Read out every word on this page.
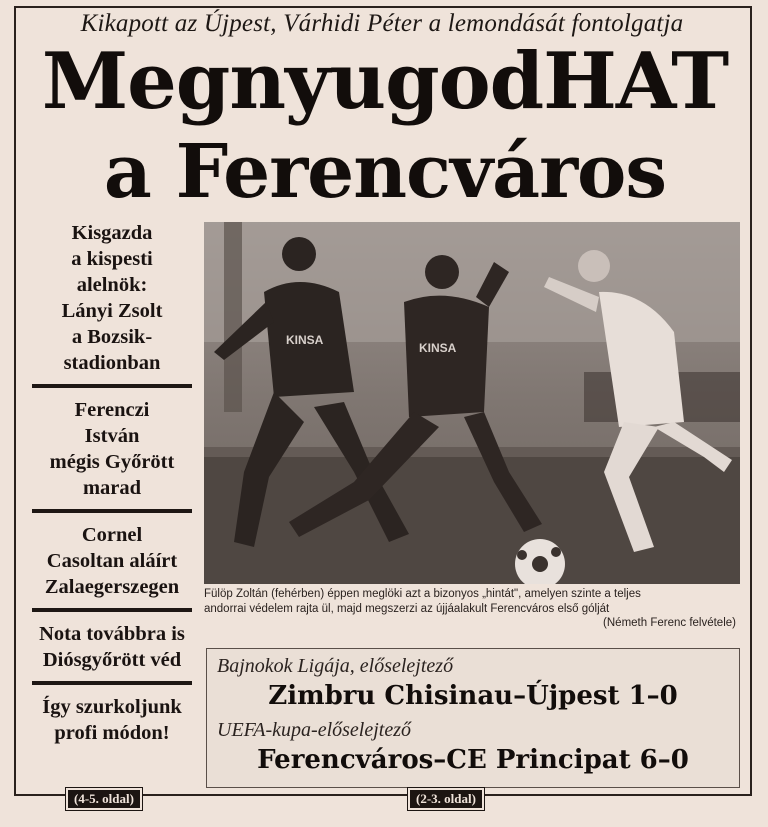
Kikapott az Újpest, Várhidi Péter a lemondását fontolgatja
MegnyugodHAT
a Ferencváros
Kisgazda
a kispesti
alelnök:
Lányi Zsolt
a Bozsik-
stadionban
Ferenczi
István
mégis Győrött
marad
Cornel
Casoltan aláírt
Zalaegerszegen
Nota továbbra is
Diósgyőrött véd
Így szurkoljunk
profi módon!
KINSA
KINSA
Fülöp Zoltán (fehérben) éppen meglöki azt a bizonyos „hintát", amelyen szinte a teljes
andorrai védelem rajta ül, majd megszerzi az újjáalakult Ferencváros első gólját
(Németh Ferenc felvétele)
Bajnokok Ligája, előselejtező
Zimbru Chisinau–Újpest 1–0
UEFA-kupa-előselejtező
Ferencváros–CE Principat 6–0
(4-5. oldal)	(2-3. oldal)
